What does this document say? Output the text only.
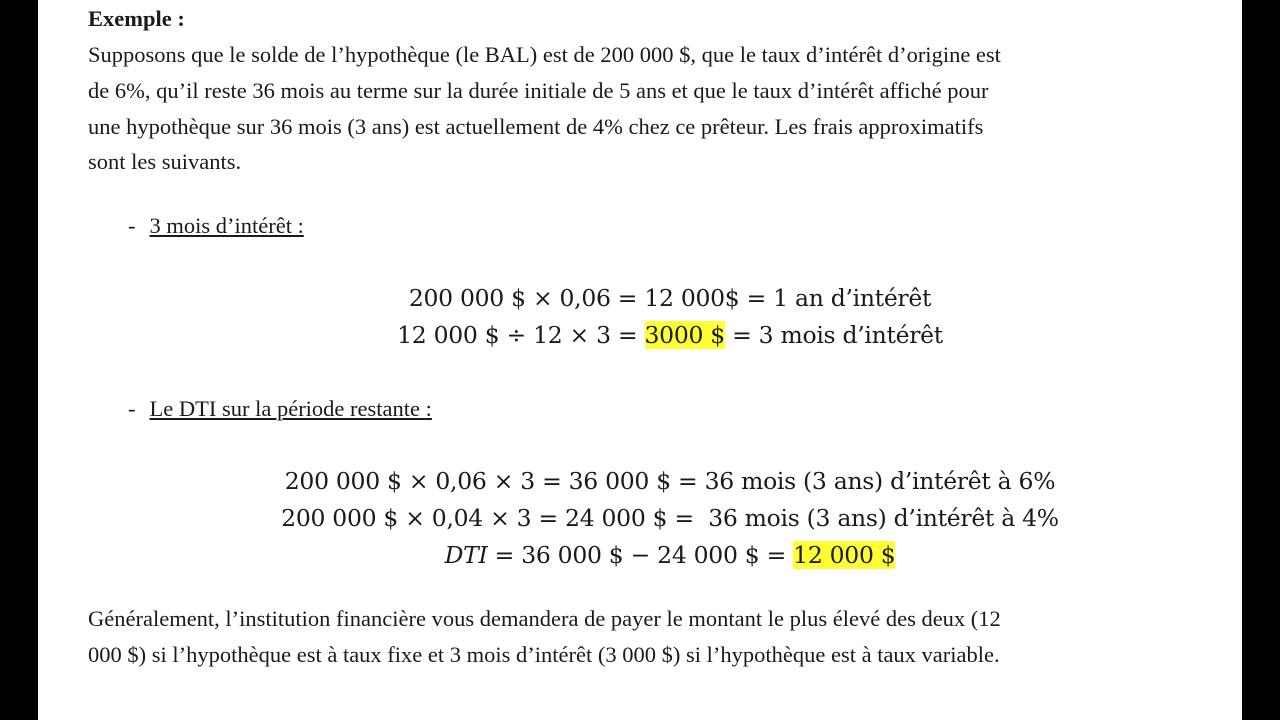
Exemple :
Supposons que le solde de l’hypothèque (le BAL) est de 200 000 $, que le taux d’intérêt d’origine est
de 6%, qu’il reste 36 mois au terme sur la durée initiale de 5 ans et que le taux d’intérêt affiché pour
une hypothèque sur 36 mois (3 ans) est actuellement de 4% chez ce prêteur. Les frais approximatifs
sont les suivants.
- 3 mois d’intérêt :
200 000 $ × 0,06 = 12 000$ = 1 an d’intérêt
12 000 $ ÷ 12 × 3 = 3000 $ = 3 mois d’intérêt
- Le DTI sur la période restante :
200 000 $ × 0,06 × 3 = 36 000 $ = 36 mois (3 ans) d’intérêt à 6%
200 000 $ × 0,04 × 3 = 24 000 $ =  36 mois (3 ans) d’intérêt à 4%
DTI = 36 000 $ − 24 000 $ = 12 000 $
Généralement, l’institution financière vous demandera de payer le montant le plus élevé des deux (12
000 $) si l’hypothèque est à taux fixe et 3 mois d’intérêt (3 000 $) si l’hypothèque est à taux variable.
